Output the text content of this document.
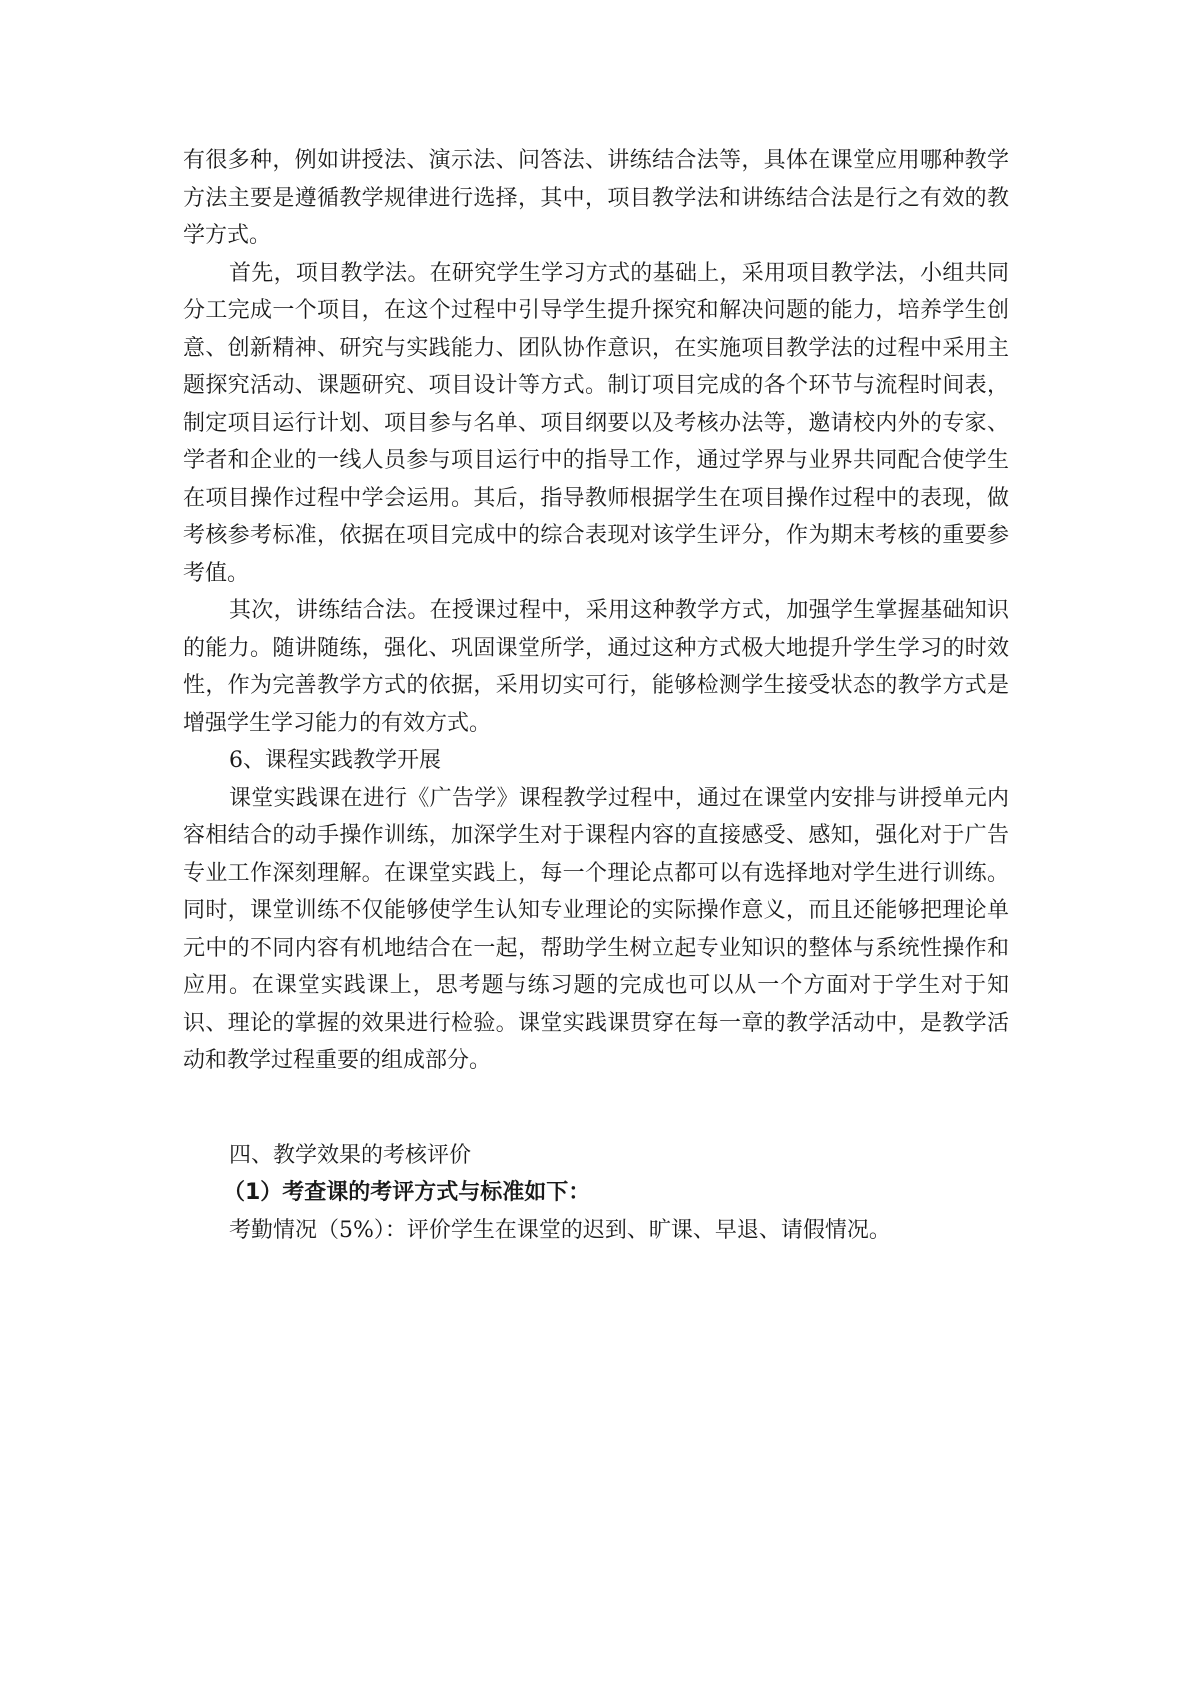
有很多种，例如讲授法、演示法、问答法、讲练结合法等，具体在课堂应用哪种教学方法主要是遵循教学规律进行选择，其中，项目教学法和讲练结合法是行之有效的教学方式。

首先，项目教学法。在研究学生学习方式的基础上，采用项目教学法，小组共同分工完成一个项目，在这个过程中引导学生提升探究和解决问题的能力，培养学生创意、创新精神、研究与实践能力、团队协作意识，在实施项目教学法的过程中采用主题探究活动、课题研究、项目设计等方式。制订项目完成的各个环节与流程时间表，制定项目运行计划、项目参与名单、项目纲要以及考核办法等，邀请校内外的专家、学者和企业的一线人员参与项目运行中的指导工作，通过学界与业界共同配合使学生在项目操作过程中学会运用。其后，指导教师根据学生在项目操作过程中的表现，做考核参考标准，依据在项目完成中的综合表现对该学生评分，作为期末考核的重要参考值。

其次，讲练结合法。在授课过程中，采用这种教学方式，加强学生掌握基础知识的能力。随讲随练，强化、巩固课堂所学，通过这种方式极大地提升学生学习的时效性，作为完善教学方式的依据，采用切实可行，能够检测学生接受状态的教学方式是增强学生学习能力的有效方式。

6、课程实践教学开展

课堂实践课在进行《广告学》课程教学过程中，通过在课堂内安排与讲授单元内容相结合的动手操作训练，加深学生对于课程内容的直接感受、感知，强化对于广告专业工作深刻理解。在课堂实践上，每一个理论点都可以有选择地对学生进行训练。同时，课堂训练不仅能够使学生认知专业理论的实际操作意义，而且还能够把理论单元中的不同内容有机地结合在一起，帮助学生树立起专业知识的整体与系统性操作和应用。在课堂实践课上，思考题与练习题的完成也可以从一个方面对于学生对于知识、理论的掌握的效果进行检验。课堂实践课贯穿在每一章的教学活动中，是教学活动和教学过程重要的组成部分。

四、教学效果的考核评价

（1）考查课的考评方式与标准如下：

考勤情况（5%）：评价学生在课堂的迟到、旷课、早退、请假情况。
